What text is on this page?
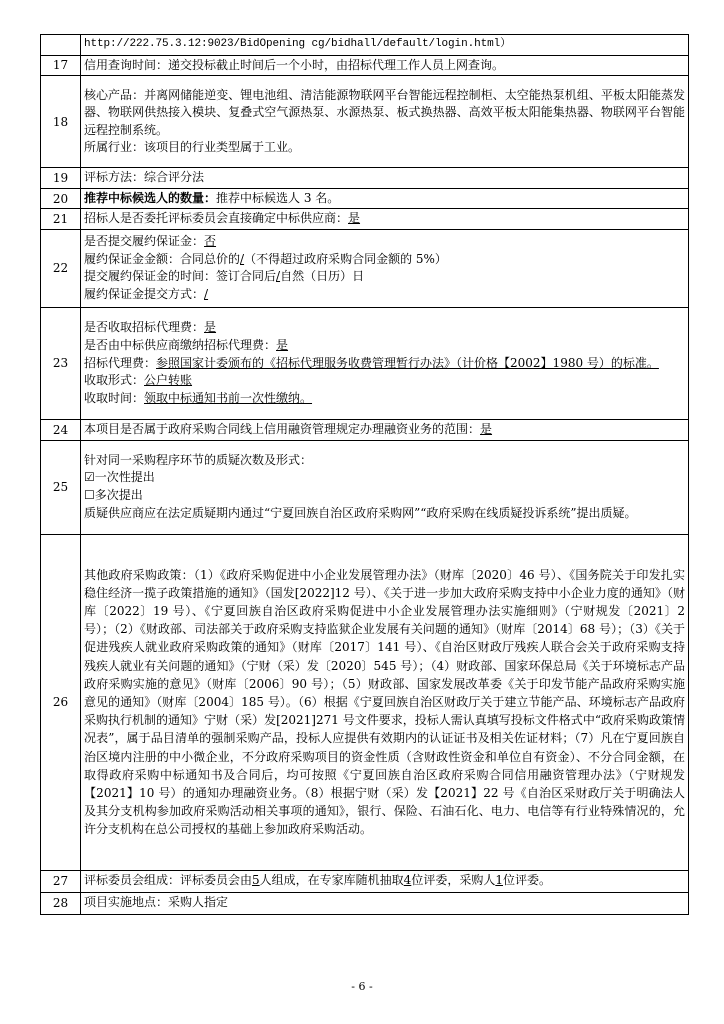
	http://222.75.3.12:9023/BidOpening cg/bidhall/default/login.html）
17	信用查询时间：递交投标截止时间后一个小时，由招标代理工作人员上网查询。
18	核心产品：并离网储能逆变、锂电池组、清洁能源物联网平台智能远程控制柜、太空能热泵机组、平板太阳能蒸发器、物联网供热接入模块、复叠式空气源热泵、水源热泵、板式换热器、高效平板太阳能集热器、物联网平台智能远程控制系统。
所属行业：该项目的行业类型属于工业。

19	评标方法：综合评分法
20	推荐中标候选人的数量：推荐中标候选人 3 名。
21	招标人是否委托评标委员会直接确定中标供应商：是
22	是否提交履约保证金：否
履约保证金金额：合同总价的/（不得超过政府采购合同金额的 5%）
提交履约保证金的时间：签订合同后/自然（日历）日
履约保证金提交方式：/

23	是否收取招标代理费：是
是否由中标供应商缴纳招标代理费：是
招标代理费：参照国家计委颁布的《招标代理服务收费管理暂行办法》（计价格【2002】1980 号）的标准。
收取形式：公户转账
收取时间：领取中标通知书前一次性缴纳。

24	本项目是否属于政府采购合同线上信用融资管理规定办理融资业务的范围：是
25	针对同一采购程序环节的质疑次数及形式：
☑一次性提出
☐多次提出
质疑供应商应在法定质疑期内通过“宁夏回族自治区政府采购网”“政府采购在线质疑投诉系统”提出质疑。

26	其他政府采购政策：（1）《政府采购促进中小企业发展管理办法》（财库〔2020〕46 号）、《国务院关于印发扎实稳住经济一揽子政策措施的通知》（国发[2022]12 号）、《关于进一步加大政府采购支持中小企业力度的通知》（财库〔2022〕19 号）、《宁夏回族自治区政府采购促进中小企业发展管理办法实施细则》（宁财规发〔2021〕2 号）；（2）《财政部、司法部关于政府采购支持监狱企业发展有关问题的通知》（财库〔2014〕68 号）；（3）《关于促进残疾人就业政府采购政策的通知》（财库〔2017〕141 号）、《自治区财政厅残疾人联合会关于政府采购支持残疾人就业有关问题的通知》（宁财（采）发〔2020〕545 号）；（4）财政部、国家环保总局《关于环境标志产品政府采购实施的意见》（财库〔2006〕90 号）；（5）财政部、国家发展改革委《关于印发节能产品政府采购实施意见的通知》（财库〔2004〕185 号）。（6）根据《宁夏回族自治区财政厅关于建立节能产品、环境标志产品政府采购执行机制的通知》宁财（采）发[2021]271 号文件要求，投标人需认真填写投标文件格式中“政府采购政策情况表”，属于品目清单的强制采购产品，投标人应提供有效期内的认证证书及相关佐证材料；（7）凡在宁夏回族自治区境内注册的中小微企业，不分政府采购项目的资金性质（含财政性资金和单位自有资金）、不分合同金额，在取得政府采购中标通知书及合同后，均可按照《宁夏回族自治区政府采购合同信用融资管理办法》（宁财规发【2021】10 号）的通知办理融资业务。（8）根据宁财（采）发【2021】22 号《自治区采财政厅关于明确法人及其分支机构参加政府采购活动相关事项的通知》，银行、保险、石油石化、电力、电信等有行业特殊情况的，允许分支机构在总公司授权的基础上参加政府采购活动。
27	评标委员会组成：评标委员会由5人组成，在专家库随机抽取4位评委，采购人1位评委。
28	项目实施地点：采购人指定
- 6 -
